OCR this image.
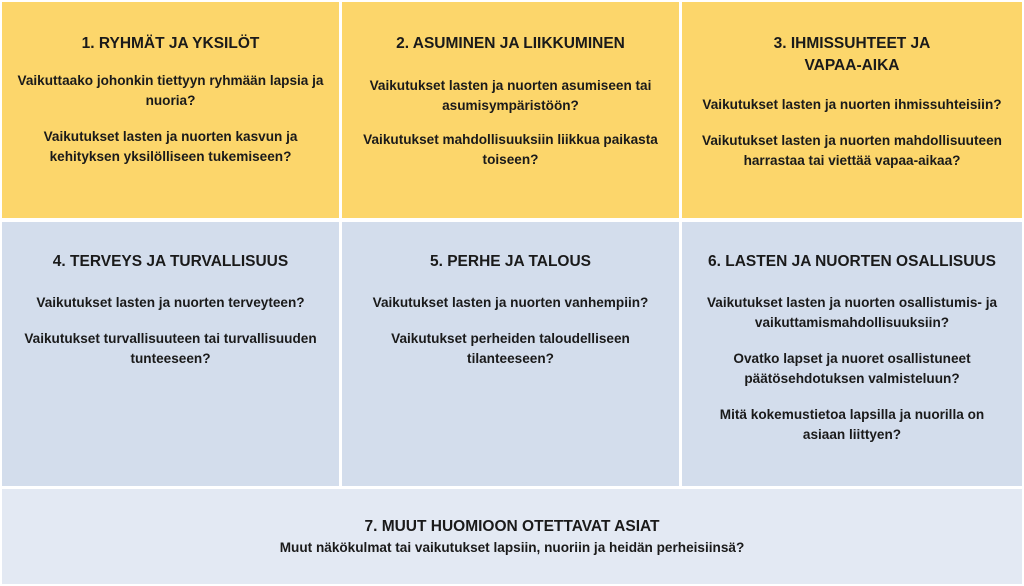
1. RYHMÄT JA YKSILÖT

Vaikuttaako johonkin tiettyyn ryhmään lapsia ja nuoria?

Vaikutukset lasten ja nuorten kasvun ja kehityksen yksilölliseen tukemiseen?

2. ASUMINEN JA LIIKKUMINEN

Vaikutukset lasten ja nuorten asumiseen tai asumisympäristöön?

Vaikutukset mahdollisuuksiin liikkua paikasta toiseen?

3. IHMISSUHTEET JA VAPAA-AIKA

Vaikutukset lasten ja nuorten ihmissuhteisiin?

Vaikutukset lasten ja nuorten mahdollisuuteen harrastaa tai viettää vapaa-aikaa?

4. TERVEYS JA TURVALLISUUS

Vaikutukset lasten ja nuorten terveyteen?

Vaikutukset turvallisuuteen tai turvallisuuden tunteeseen?

5. PERHE JA TALOUS

Vaikutukset lasten ja nuorten vanhempiin?

Vaikutukset perheiden taloudelliseen tilanteeseen?

6. LASTEN JA NUORTEN OSALLISUUS

Vaikutukset lasten ja nuorten osallistumis- ja vaikuttamismahdollisuuksiin?

Ovatko lapset ja nuoret osallistuneet päätösehdotuksen valmisteluun?

Mitä kokemustietoa lapsilla ja nuorilla on asiaan liittyen?

7. MUUT HUOMIOON OTETTAVAT ASIAT

Muut näkökulmat tai vaikutukset lapsiin, nuoriin ja heidän perheisiinsä?
